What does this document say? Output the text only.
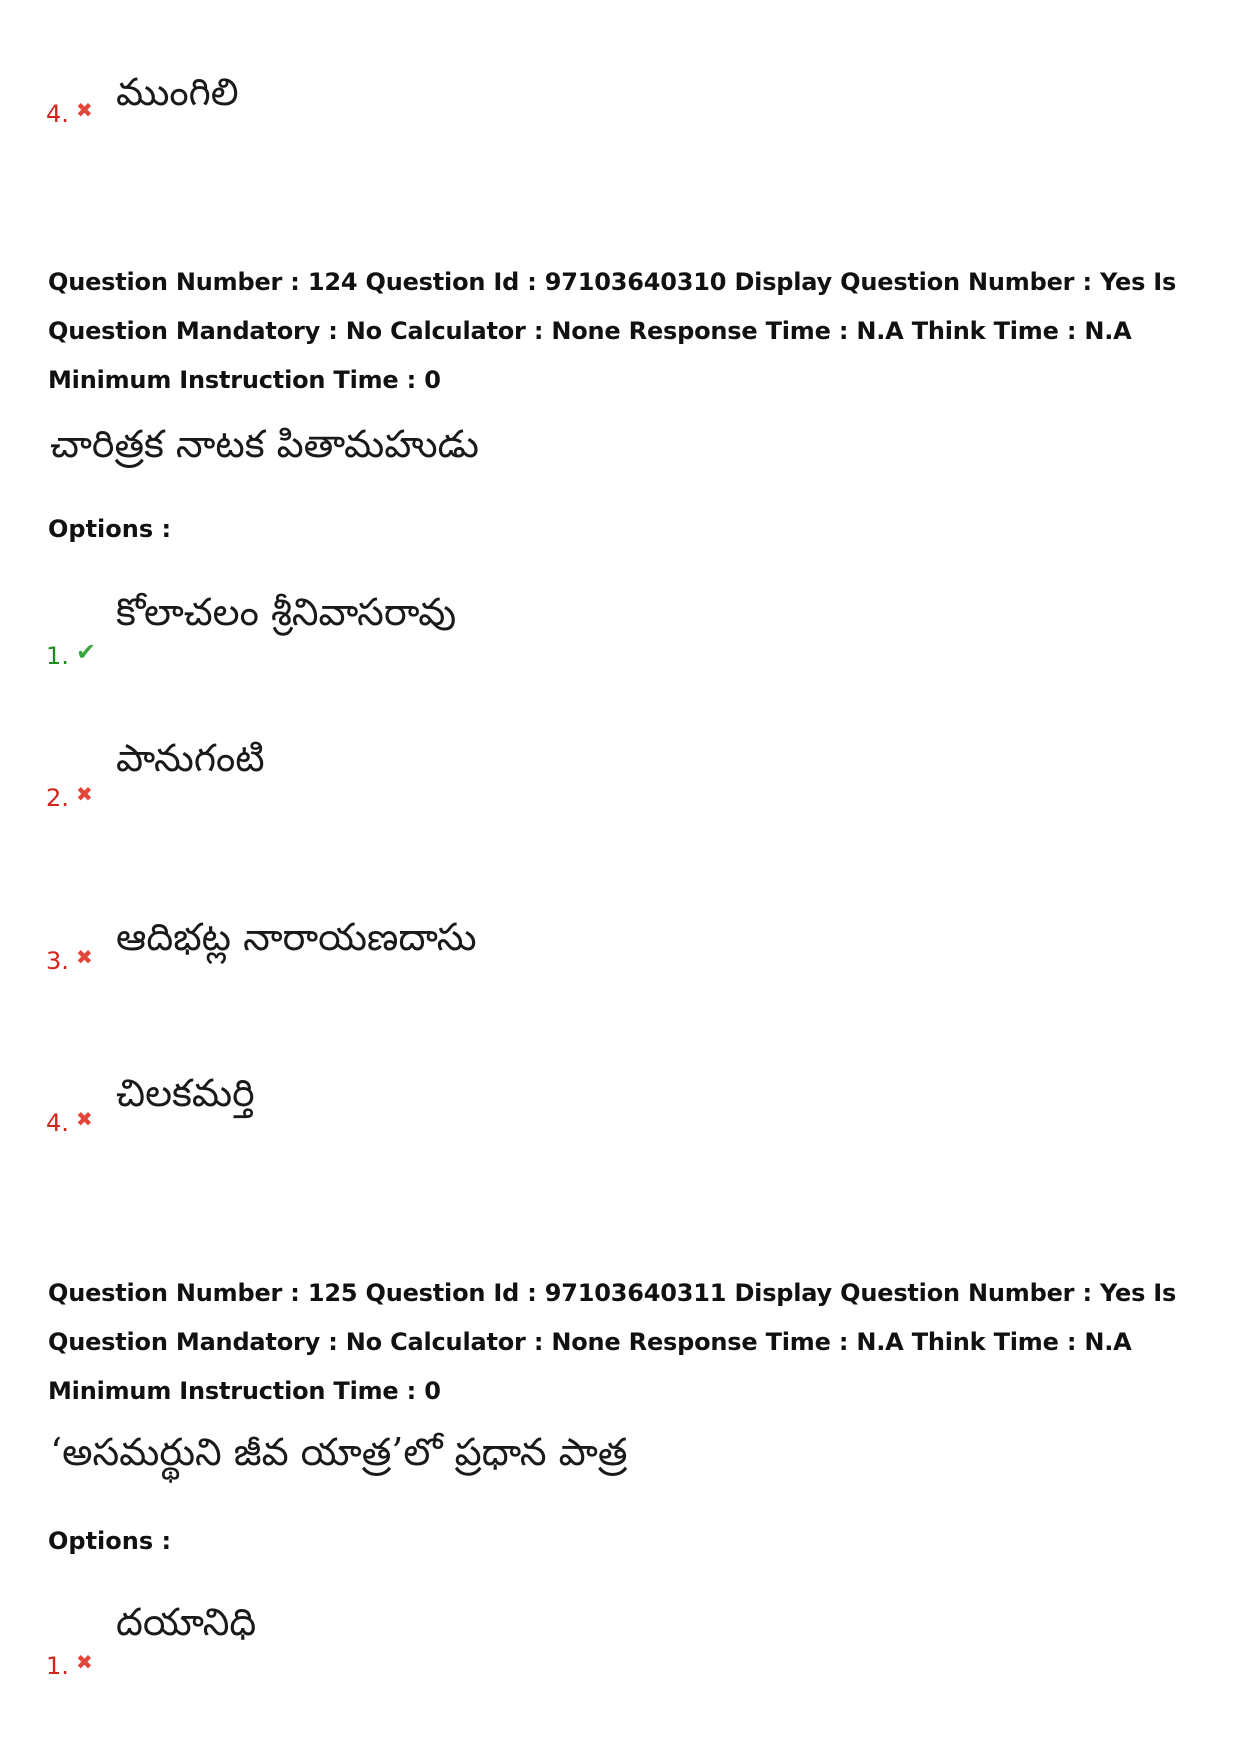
4. ✖ ముంగిలి
Question Number : 124 Question Id : 97103640310 Display Question Number : Yes Is Question Mandatory : No Calculator : None Response Time : N.A Think Time : N.A Minimum Instruction Time : 0
చారిత్రక నాటక పితామహుడు
Options :
1. ✔
కోలాచలం శ్రీనివాసరావు
2. ✖
పానుగంటి
3. ✖ ఆదిభట్ల నారాయణదాసు
4. ✖
చిలకమర్తి
Question Number : 125 Question Id : 97103640311 Display Question Number : Yes Is Question Mandatory : No Calculator : None Response Time : N.A Think Time : N.A Minimum Instruction Time : 0
‘అసమర్థుని జీవ యాత్ర’లో ప్రధాన పాత్ర
Options :
1. ✖
దయానిధి
